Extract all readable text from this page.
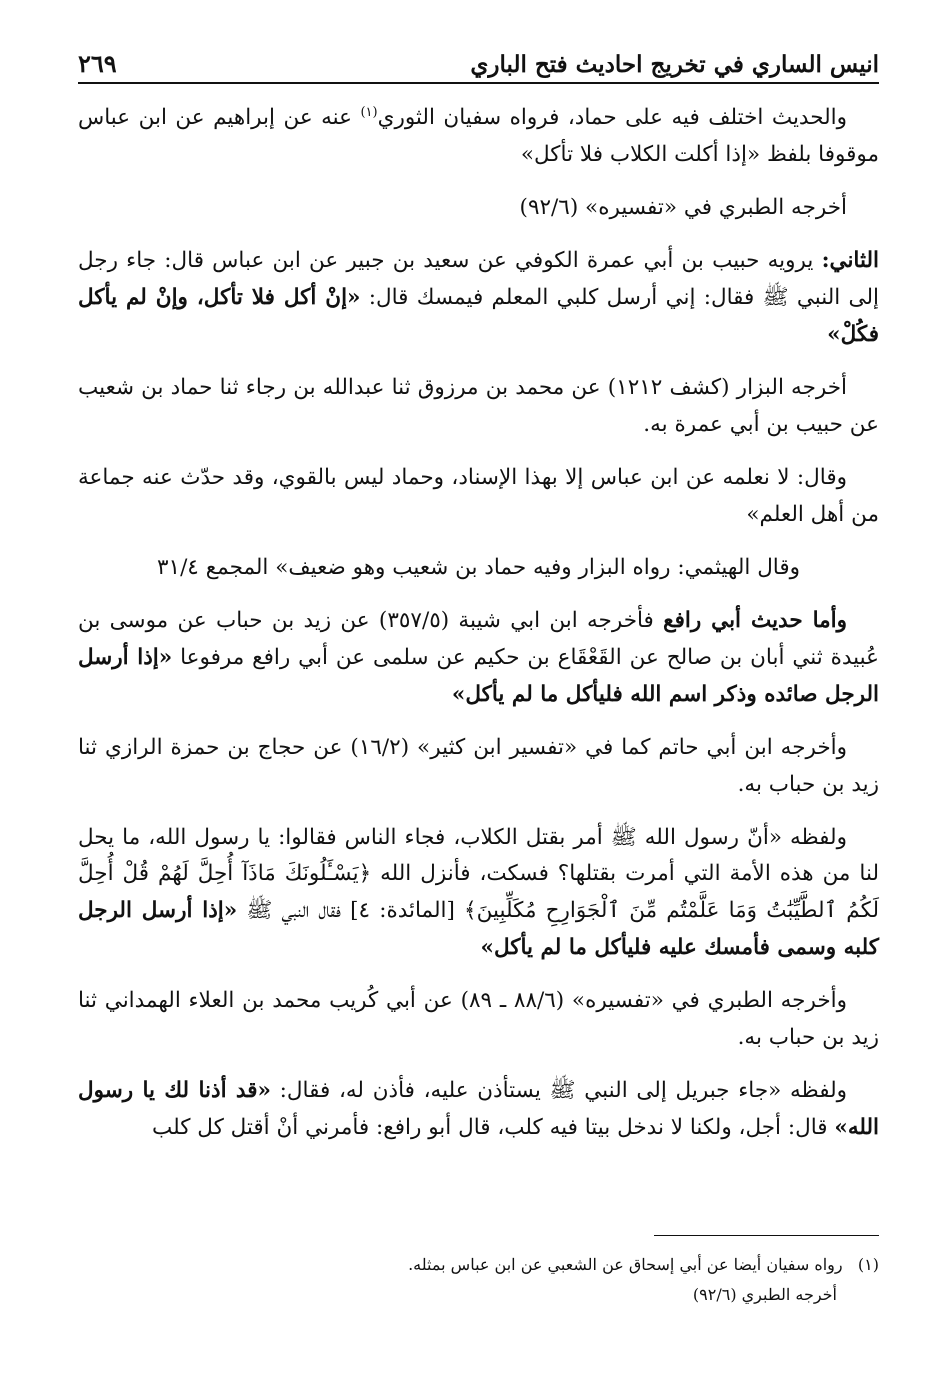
انيس الساري في تخريج احاديث فتح الباري
٢٦٩

والحديث اختلف فيه على حماد، فرواه سفيان الثوري$^{(١)}$ عنه عن إبراهيم عن ابن عباس موقوفا بلفظ «إذا أكلت الكلاب فلا تأكل»

أخرجه الطبري في «تفسيره» (٩٢/٦)

الثاني: يرويه حبيب بن أبي عمرة الكوفي عن سعيد بن جبير عن ابن عباس قال: جاء رجل إلى النبي ﷺ فقال: إني أرسل كلبي المعلم فيمسك قال: «إنْ أكل فلا تأكل، وإنْ لم يأكل فكُلْ»

أخرجه البزار (كشف ١٢١٢) عن محمد بن مرزوق ثنا عبدالله بن رجاء ثنا حماد بن شعيب عن حبيب بن أبي عمرة به.

وقال: لا نعلمه عن ابن عباس إلا بهذا الإسناد، وحماد ليس بالقوي، وقد حدّث عنه جماعة من أهل العلم»

وقال الهيثمي: رواه البزار وفيه حماد بن شعيب وهو ضعيف» المجمع ٣١/٤

وأما حديث أبي رافع فأخرجه ابن ابي شيبة (٣٥٧/٥) عن زيد بن حباب عن موسى بن عُبيدة ثني أبان بن صالح عن القَعْقَاع بن حكيم عن سلمى عن أبي رافع مرفوعا «إذا أرسل الرجل صائده وذكر اسم الله فليأكل ما لم يأكل»

وأخرجه ابن أبي حاتم كما في «تفسير ابن كثير» (١٦/٢) عن حجاج بن حمزة الرازي ثنا زيد بن حباب به.

ولفظه «أنّ رسول الله ﷺ أمر بقتل الكلاب، فجاء الناس فقالوا: يا رسول الله، ما يحل لنا من هذه الأمة التي أمرت بقتلها؟ فسكت، فأنزل الله ﴿يَسْـَٔلُونَكَ مَاذَآ أُحِلَّ لَهُمْ قُلْ أُحِلَّ لَكُمُ ٱلطَّيِّبَٰتُ وَمَا عَلَّمْتُم مِّنَ ٱلْجَوَارِحِ مُكَلِّبِينَ﴾ [المائدة: ٤] فقال النبي ﷺ «إذا أرسل الرجل كلبه وسمى فأمسك عليه فليأكل ما لم يأكل»

وأخرجه الطبري في «تفسيره» (٨٨/٦ ـ ٨٩) عن أبي كُريب محمد بن العلاء الهمداني ثنا زيد بن حباب به.

ولفظه «جاء جبريل إلى النبي ﷺ يستأذن عليه، فأذن له، فقال: «قد أذنا لك يا رسول الله» قال: أجل، ولكنا لا ندخل بيتا فيه كلب، قال أبو رافع: فأمرني أنْ أقتل كل كلب

(١)   رواه سفيان أيضا عن أبي إسحاق عن الشعبي عن ابن عباس بمثله.
أخرجه الطبري (٩٢/٦)
